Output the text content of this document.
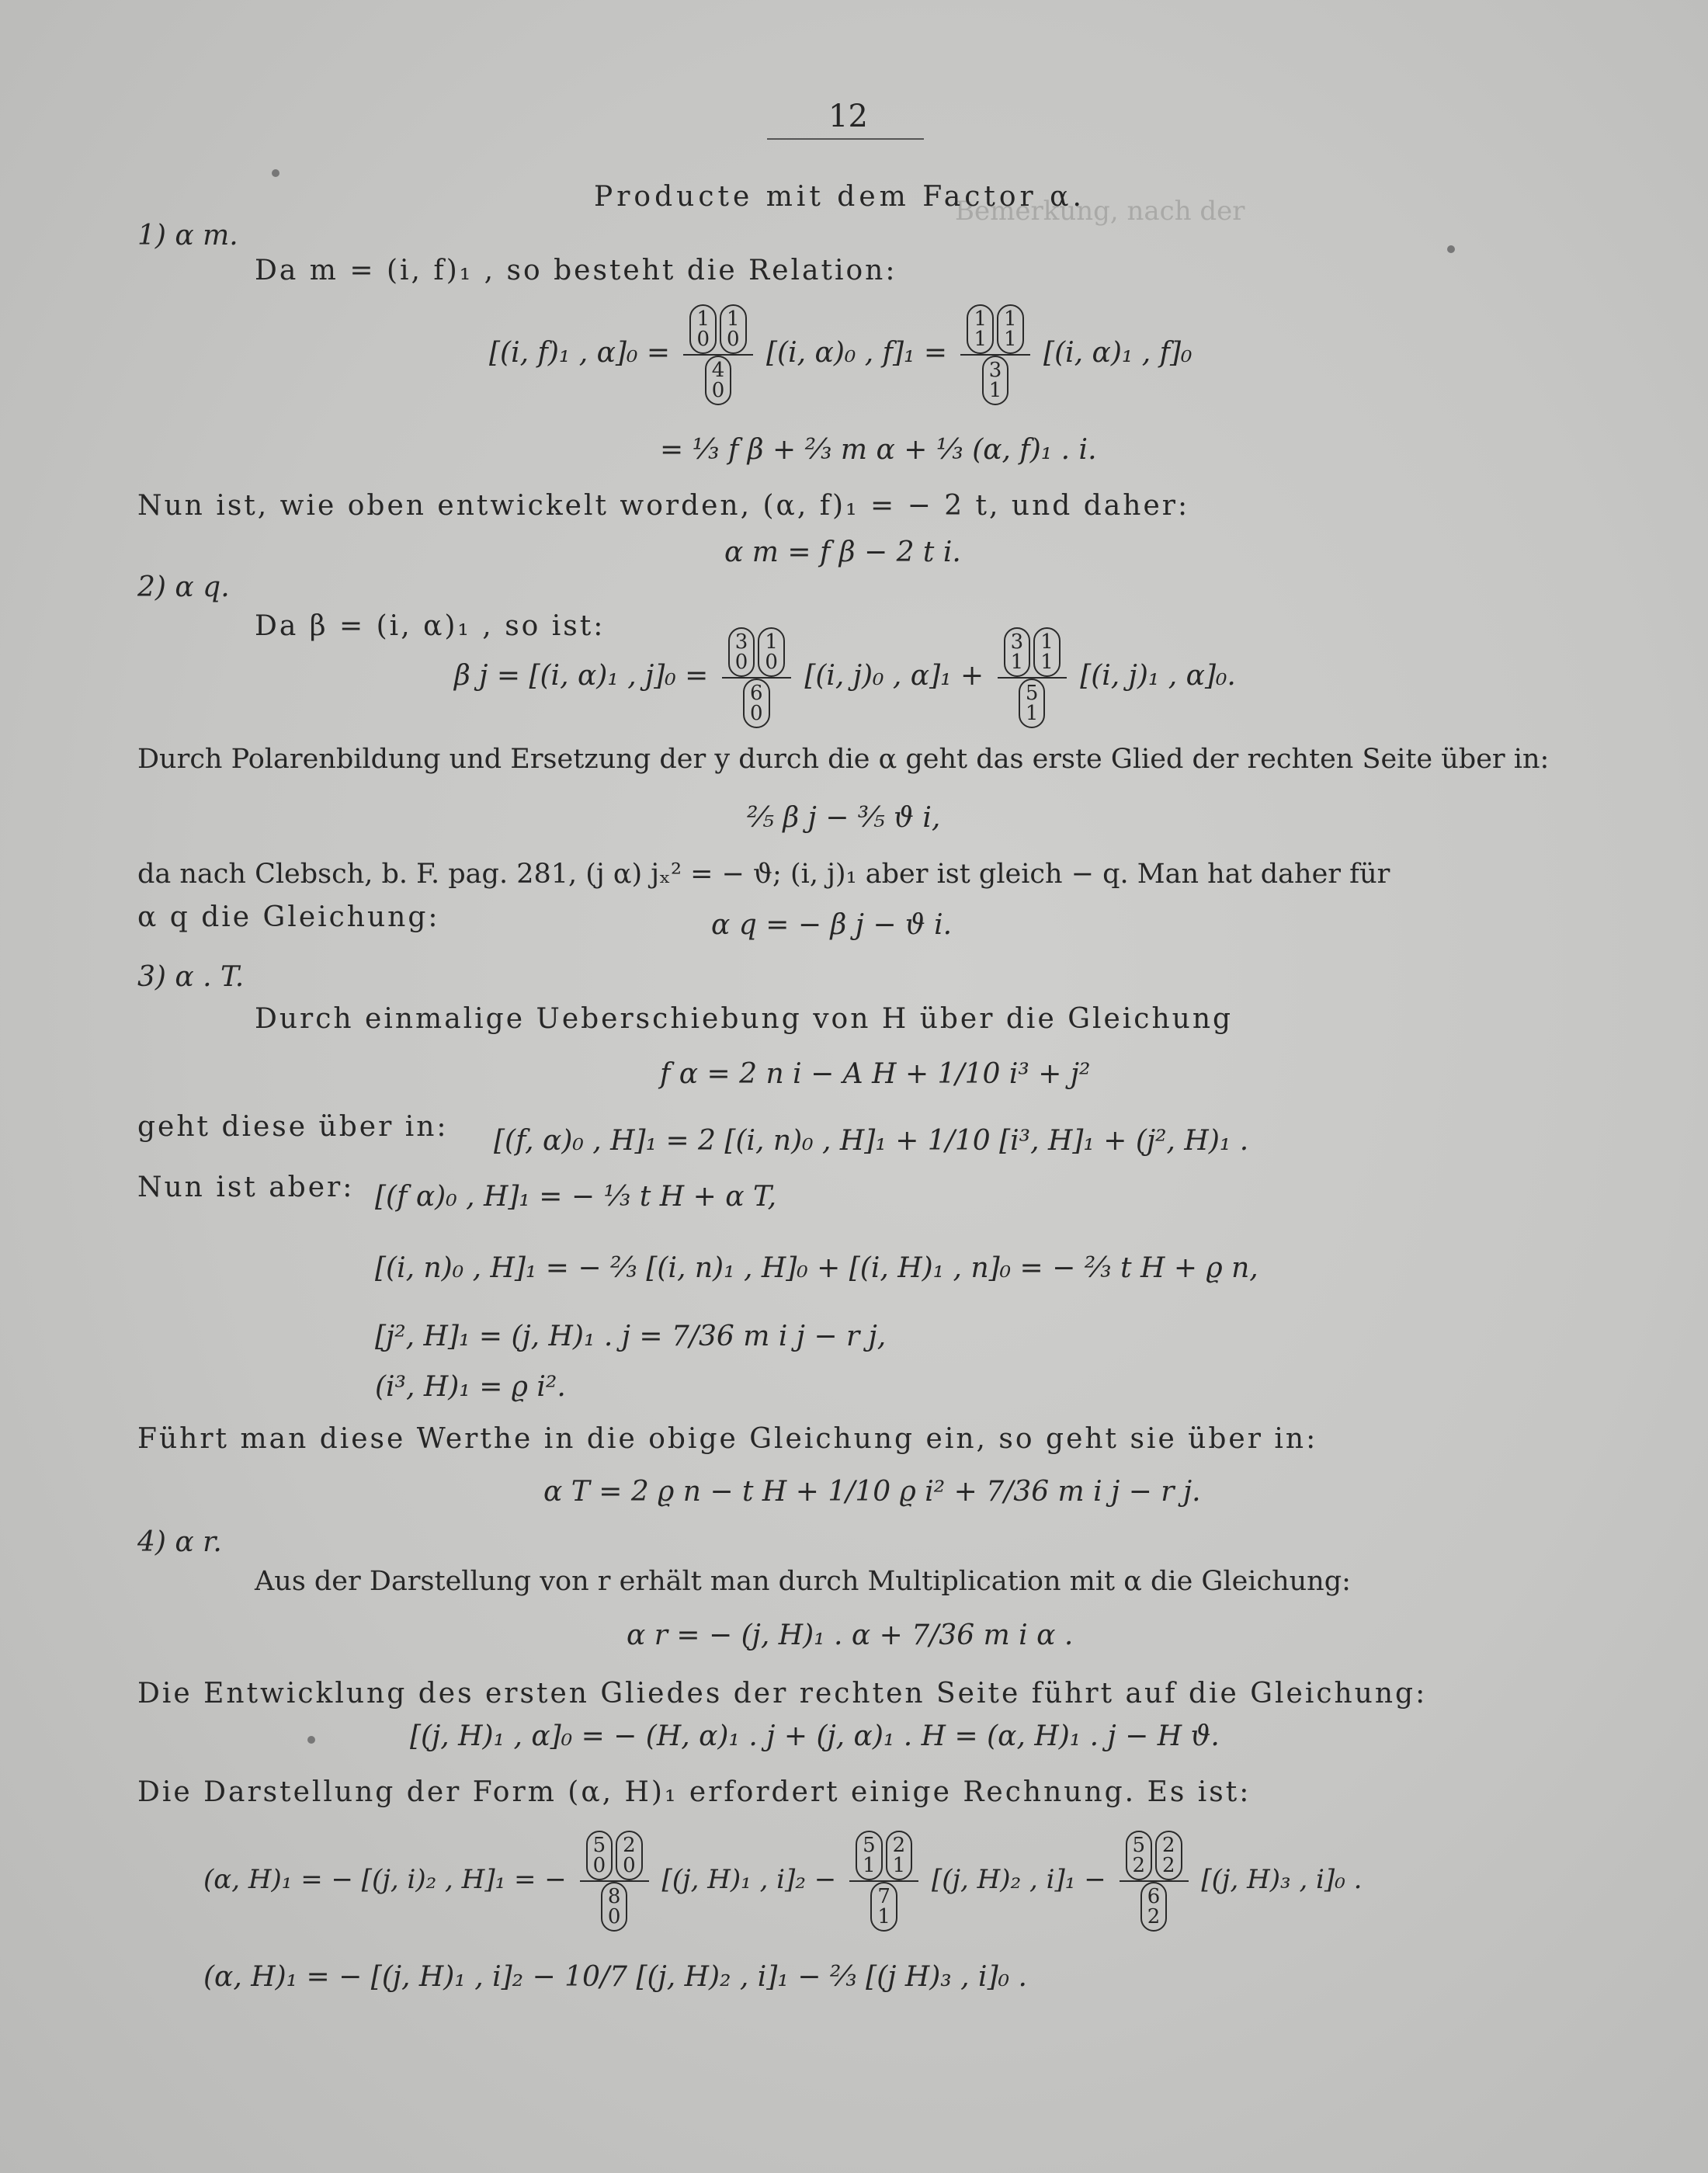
Bemerkung, nach der
12
Producte mit dem Factor α.
1) α m.
Da m = (i, f)₁ , so besteht die Relation:
[(i, f)₁ , α]₀ =
1
01
0
4
0
[(i, α)₀ , f]₁ =
1
11
1
3
1
[(i, α)₁ , f]₀
= ⅓ f β + ⅔ m α + ⅓ (α, f)₁ . i.
Nun ist, wie oben entwickelt worden, (α, f)₁ = − 2 t, und daher:
α m = f β − 2 t i.
2) α q.
Da β = (i, α)₁ , so ist:
β j = [(i, α)₁ , j]₀ =
3
01
0
6
0
[(i, j)₀ , α]₁ +
3
11
1
5
1
[(i, j)₁ , α]₀.
Durch Polarenbildung und Ersetzung der y durch die α geht das erste Glied der rechten Seite über in:
⅖ β j − ⅗ ϑ i,
da nach Clebsch, b. F. pag. 281, (j α) jₓ² = − ϑ; (i, j)₁ aber ist gleich − q. Man hat daher für
α q die Gleichung:	α q = − β j − ϑ i.
3) α . T.
Durch einmalige Ueberschiebung von H über die Gleichung
f α = 2 n i − A H + 1/10 i³ + j²
geht diese über in: [(f, α)₀ , H]₁ = 2 [(i, n)₀ , H]₁ + 1/10 [i³, H]₁ + (j², H)₁ .
Nun ist aber: [(f α)₀ , H]₁ = − ⅓ t H + α T,
[(i, n)₀ , H]₁ = − ⅔ [(i, n)₁ , H]₀ + [(i, H)₁ , n]₀ = − ⅔ t H + ϱ n,
[j², H]₁ = (j, H)₁ . j = 7/36 m i j − r j,
(i³, H)₁ = ϱ i².
Führt man diese Werthe in die obige Gleichung ein, so geht sie über in:
α T = 2 ϱ n − t H + 1/10 ϱ i² + 7/36 m i j − r j.
4) α r.
Aus der Darstellung von r erhält man durch Multiplication mit α die Gleichung:
α r = − (j, H)₁ . α + 7/36 m i α .
Die Entwicklung des ersten Gliedes der rechten Seite führt auf die Gleichung:
[(j, H)₁ , α]₀ = − (H, α)₁ . j + (j, α)₁ . H = (α, H)₁ . j − H ϑ.
Die Darstellung der Form (α, H)₁ erfordert einige Rechnung. Es ist:
(α, H)₁ = − [(j, i)₂ , H]₁ = −
5
02
0
8
0
[(j, H)₁ , i]₂ −
5
12
1
7
1
[(j, H)₂ , i]₁ −
5
22
2
6
2
[(j, H)₃ , i]₀ .
(α, H)₁ = − [(j, H)₁ , i]₂ − 10/7 [(j, H)₂ , i]₁ − ⅔ [(j H)₃ , i]₀ .
